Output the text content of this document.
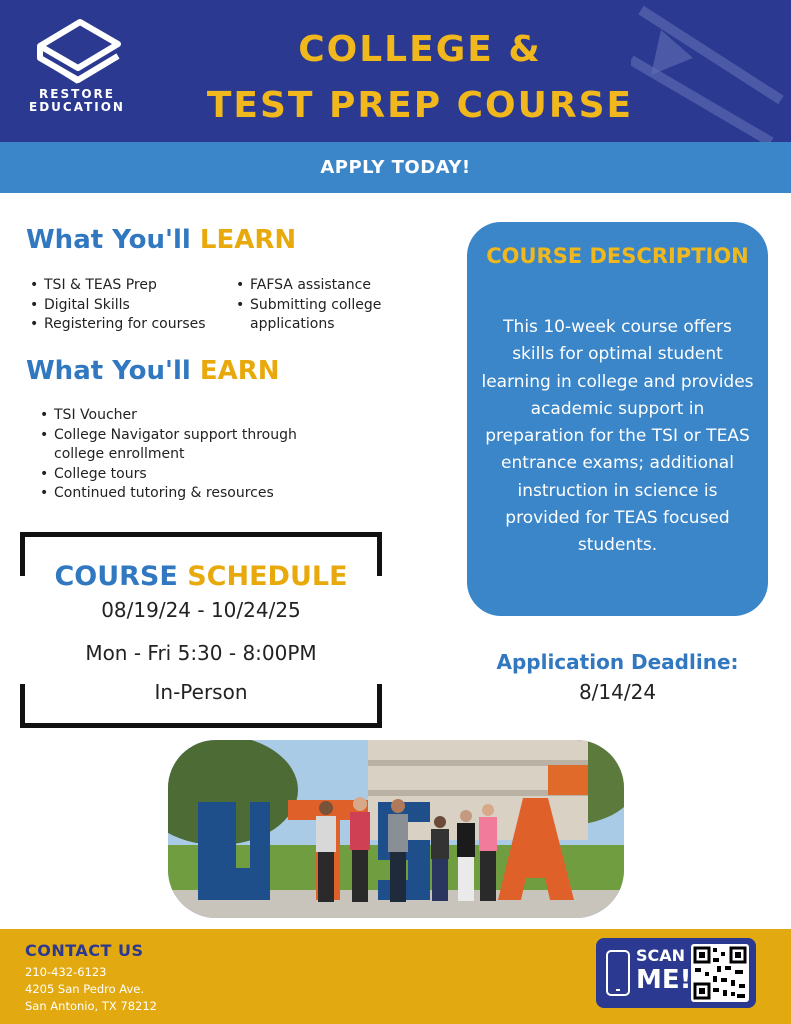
RESTORE
EDUCATION
COLLEGE &
TEST PREP COURSE
APPLY TODAY!
What You'll LEARN
• TSI & TEAS Prep
• Digital Skills
• Registering for courses
• FAFSA assistance
• Submitting college applications
What You'll EARN
• TSI Voucher
• College Navigator support through college enrollment
• College tours
• Continued tutoring & resources
COURSE SCHEDULE
08/19/24 - 10/24/25
Mon - Fri 5:30 - 8:00PM
In-Person
COURSE DESCRIPTION
This 10-week course offers skills for optimal student learning in college and provides academic support in preparation for the TSI or TEAS entrance exams; additional instruction in science is provided for TEAS focused students.
Application Deadline:
8/14/24
CONTACT US
210-432-6123
4205 San Pedro Ave.
San Antonio, TX 78212
SCAN
ME!
